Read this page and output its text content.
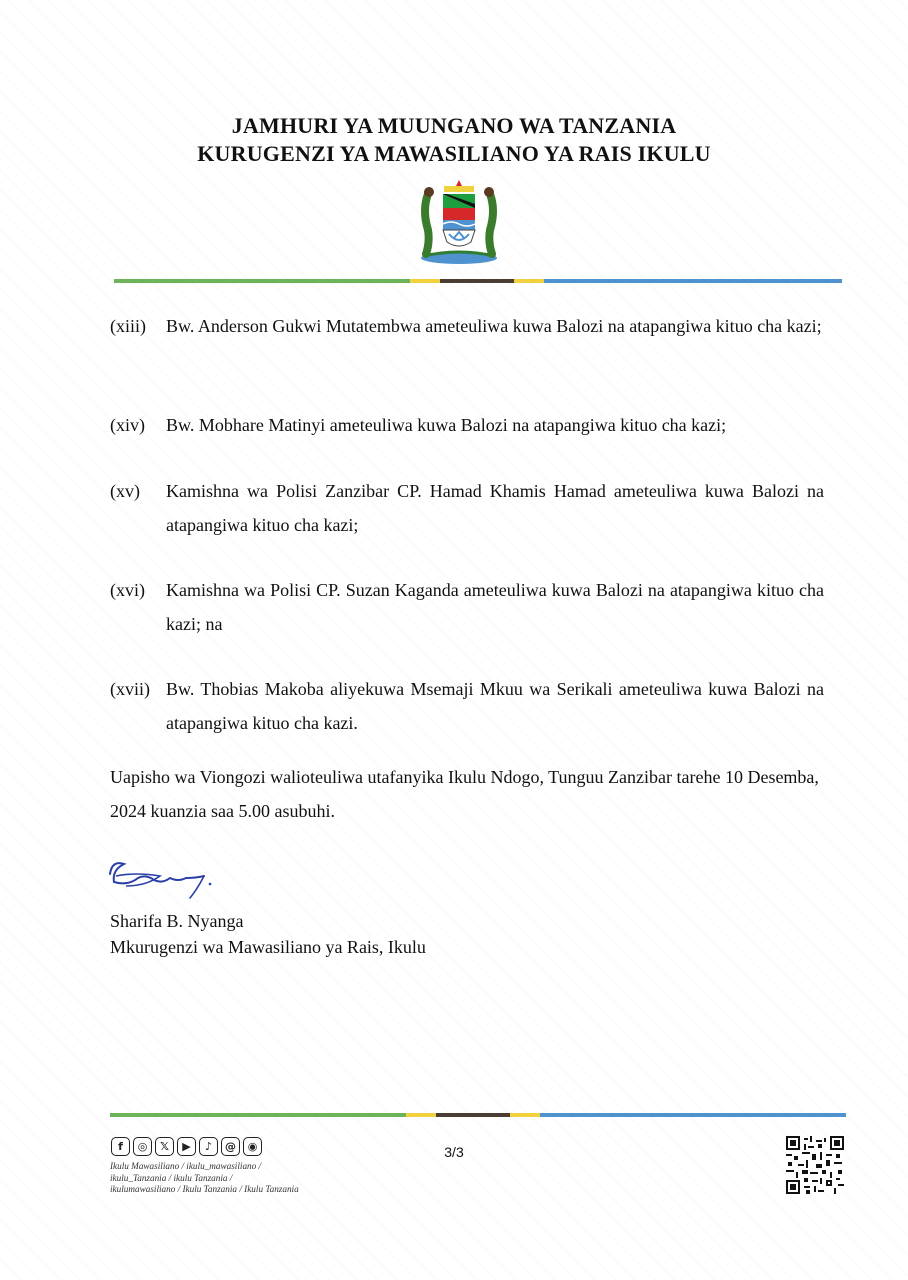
JAMHURI YA MUUNGANO WA TANZANIA
KURUGENZI YA MAWASILIANO YA RAIS IKULU
(xiii)	Bw. Anderson Gukwi Mutatembwa ameteuliwa kuwa Balozi na atapangiwa kituo cha kazi;
(xiv)	Bw. Mobhare Matinyi ameteuliwa kuwa Balozi na atapangiwa kituo cha kazi;
(xv)	Kamishna wa Polisi Zanzibar CP. Hamad Khamis Hamad ameteuliwa kuwa Balozi na atapangiwa kituo cha kazi;
(xvi)	Kamishna wa Polisi CP. Suzan Kaganda ameteuliwa kuwa Balozi na atapangiwa kituo cha kazi; na
(xvii) Bw. Thobias Makoba aliyekuwa Msemaji Mkuu wa Serikali ameteuliwa kuwa Balozi na atapangiwa kituo cha kazi.
Uapisho wa Viongozi walioteuliwa utafanyika Ikulu Ndogo, Tunguu Zanzibar tarehe 10 Desemba, 2024 kuanzia saa 5.00 asubuhi.
Sharifa B. Nyanga
Mkurugenzi wa Mawasiliano ya Rais, Ikulu
f	◎	𝕏	▶	♪	@	◉
Ikulu Mawasiliano / ikulu_mawasiliano /
ikulu_Tanzania / ikulu Tanzania /
ikulumawasiliano / Ikulu Tanzania / Ikulu Tanzania
3/3
